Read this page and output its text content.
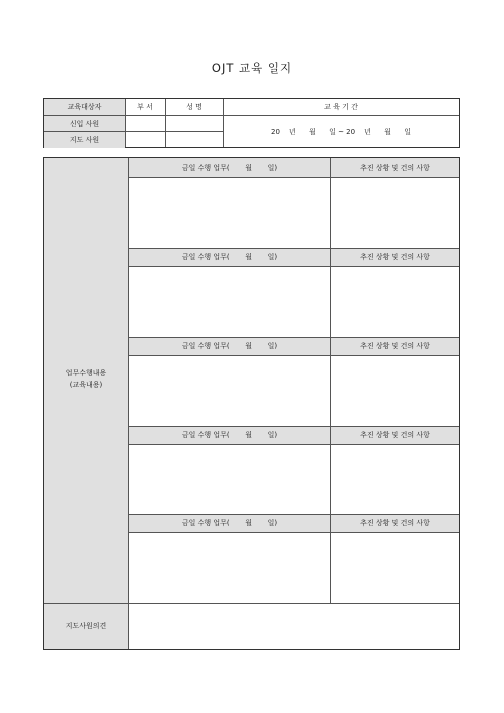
OJT 교육 일지
교육대상자	부 서	성 명	교 육 기 간
신입 사원
지도 사원
20    년      월      일 ~ 20    년      월      일
업무수행내용
(교육내용)
지도사원의견
금일 수행 업무(       월       일)	추진 상황 및 건의 사항
금일 수행 업무(       월       일)	추진 상황 및 건의 사항
금일 수행 업무(       월       일)	추진 상황 및 건의 사항
금일 수행 업무(       월       일)	추진 상황 및 건의 사항
금일 수행 업무(       월       일)	추진 상황 및 건의 사항
